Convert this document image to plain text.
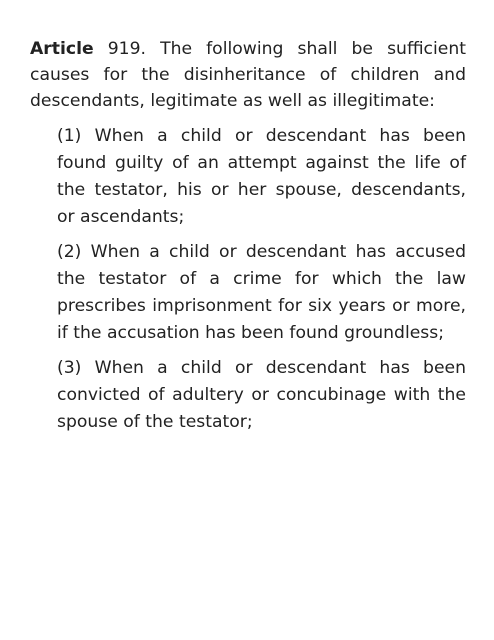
Article 919. The following shall be sufficient causes for the disinheritance of children and descendants, legitimate as well as illegitimate:

(1) When a child or descendant has been found guilty of an attempt against the life of the testator, his or her spouse, descendants, or ascendants;
(2) When a child or descendant has accused the testator of a crime for which the law prescribes imprisonment for six years or more, if the accusation has been found groundless;
(3) When a child or descendant has been convicted of adultery or concubinage with the spouse of the testator;
